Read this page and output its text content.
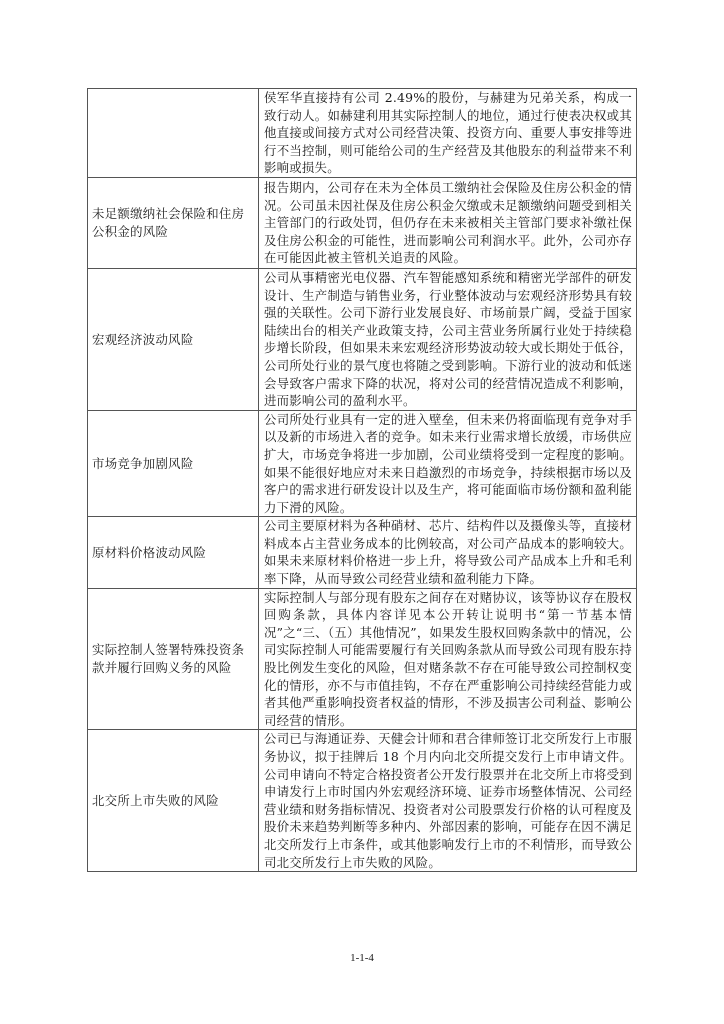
	侯军华直接持有公司 2.49%的股份，与赫建为兄弟关系，构成一致行动人。如赫建利用其实际控制人的地位，通过行使表决权或其他直接或间接方式对公司经营决策、投资方向、重要人事安排等进行不当控制，则可能给公司的生产经营及其他股东的利益带来不利影响或损失。

未足额缴纳社会保险和住房公积金的风险	报告期内，公司存在未为全体员工缴纳社会保险及住房公积金的情况。公司虽未因社保及住房公积金欠缴或未足额缴纳问题受到相关主管部门的行政处罚，但仍存在未来被相关主管部门要求补缴社保及住房公积金的可能性，进而影响公司利润水平。此外，公司亦存在可能因此被主管机关追责的风险。

宏观经济波动风险	公司从事精密光电仪器、汽车智能感知系统和精密光学部件的研发设计、生产制造与销售业务，行业整体波动与宏观经济形势具有较强的关联性。公司下游行业发展良好、市场前景广阔，受益于国家陆续出台的相关产业政策支持，公司主营业务所属行业处于持续稳步增长阶段，但如果未来宏观经济形势波动较大或长期处于低谷，公司所处行业的景气度也将随之受到影响。下游行业的波动和低迷会导致客户需求下降的状况，将对公司的经营情况造成不利影响，进而影响公司的盈利水平。

市场竞争加剧风险	公司所处行业具有一定的进入壁垒，但未来仍将面临现有竞争对手以及新的市场进入者的竞争。如未来行业需求增长放缓，市场供应扩大，市场竞争将进一步加剧，公司业绩将受到一定程度的影响。如果不能很好地应对未来日趋激烈的市场竞争，持续根据市场以及客户的需求进行研发设计以及生产，将可能面临市场份额和盈利能力下滑的风险。

原材料价格波动风险	公司主要原材料为各种硝材、芯片、结构件以及摄像头等，直接材料成本占主营业务成本的比例较高，对公司产品成本的影响较大。如果未来原材料价格进一步上升，将导致公司产品成本上升和毛利率下降，从而导致公司经营业绩和盈利能力下降。

实际控制人签署特殊投资条款并履行回购义务的风险	实际控制人与部分现有股东之间存在对赌协议，该等协议存在股权回购条款，具体内容详见本公开转让说明书“第一节基本情况”之“三、（五）其他情况”，如果发生股权回购条款中的情况，公司实际控制人可能需要履行有关回购条款从而导致公司现有股东持股比例发生变化的风险，但对赌条款不存在可能导致公司控制权变化的情形，亦不与市值挂钩，不存在严重影响公司持续经营能力或者其他严重影响投资者权益的情形，不涉及损害公司利益、影响公司经营的情形。

北交所上市失败的风险	公司已与海通证券、天健会计师和君合律师签订北交所发行上市服务协议，拟于挂牌后 18 个月内向北交所提交发行上市申请文件。公司申请向不特定合格投资者公开发行股票并在北交所上市将受到申请发行上市时国内外宏观经济环境、证券市场整体情况、公司经营业绩和财务指标情况、投资者对公司股票发行价格的认可程度及股价未来趋势判断等多种内、外部因素的影响，可能存在因不满足北交所发行上市条件，或其他影响发行上市的不利情形，而导致公司北交所发行上市失败的风险。
1-1-4
